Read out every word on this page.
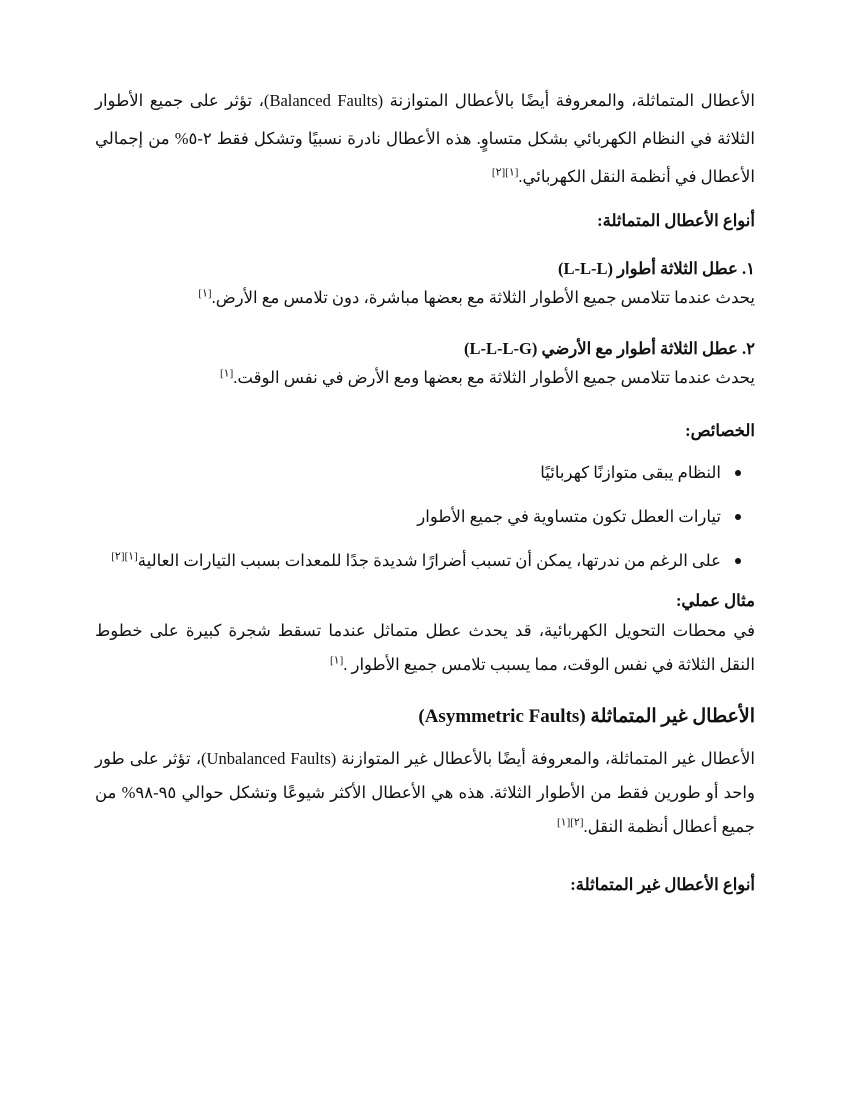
الأعطال المتماثلة، والمعروفة أيضًا بالأعطال المتوازنة (Balanced Faults)، تؤثر على جميع الأطوار الثلاثة في النظام الكهربائي بشكل متساوٍ. هذه الأعطال نادرة نسبيًا وتشكل فقط ٢-٥% من إجمالي الأعطال في أنظمة النقل الكهربائي.[١][٢]

أنواع الأعطال المتماثلة:

١. عطل الثلاثة أطوار (L-L-L)

يحدث عندما تتلامس جميع الأطوار الثلاثة مع بعضها مباشرة، دون تلامس مع الأرض.[١]

٢. عطل الثلاثة أطوار مع الأرضي (L-L-L-G)

يحدث عندما تتلامس جميع الأطوار الثلاثة مع بعضها ومع الأرض في نفس الوقت.[١]

الخصائص:

النظام يبقى متوازنًا كهربائيًا
تيارات العطل تكون متساوية في جميع الأطوار
على الرغم من ندرتها، يمكن أن تسبب أضرارًا شديدة جدًا للمعدات بسبب التيارات العالية[١][٢]

مثال عملي:

في محطات التحويل الكهربائية، قد يحدث عطل متماثل عندما تسقط شجرة كبيرة على خطوط النقل الثلاثة في نفس الوقت، مما يسبب تلامس جميع الأطوار .[١]

الأعطال غير المتماثلة (Asymmetric Faults)

الأعطال غير المتماثلة، والمعروفة أيضًا بالأعطال غير المتوازنة (Unbalanced Faults)، تؤثر على طور واحد أو طورين فقط من الأطوار الثلاثة. هذه هي الأعطال الأكثر شيوعًا وتشكل حوالي ٩٥-٩٨% من جميع أعطال أنظمة النقل.[٢][١]

أنواع الأعطال غير المتماثلة:
